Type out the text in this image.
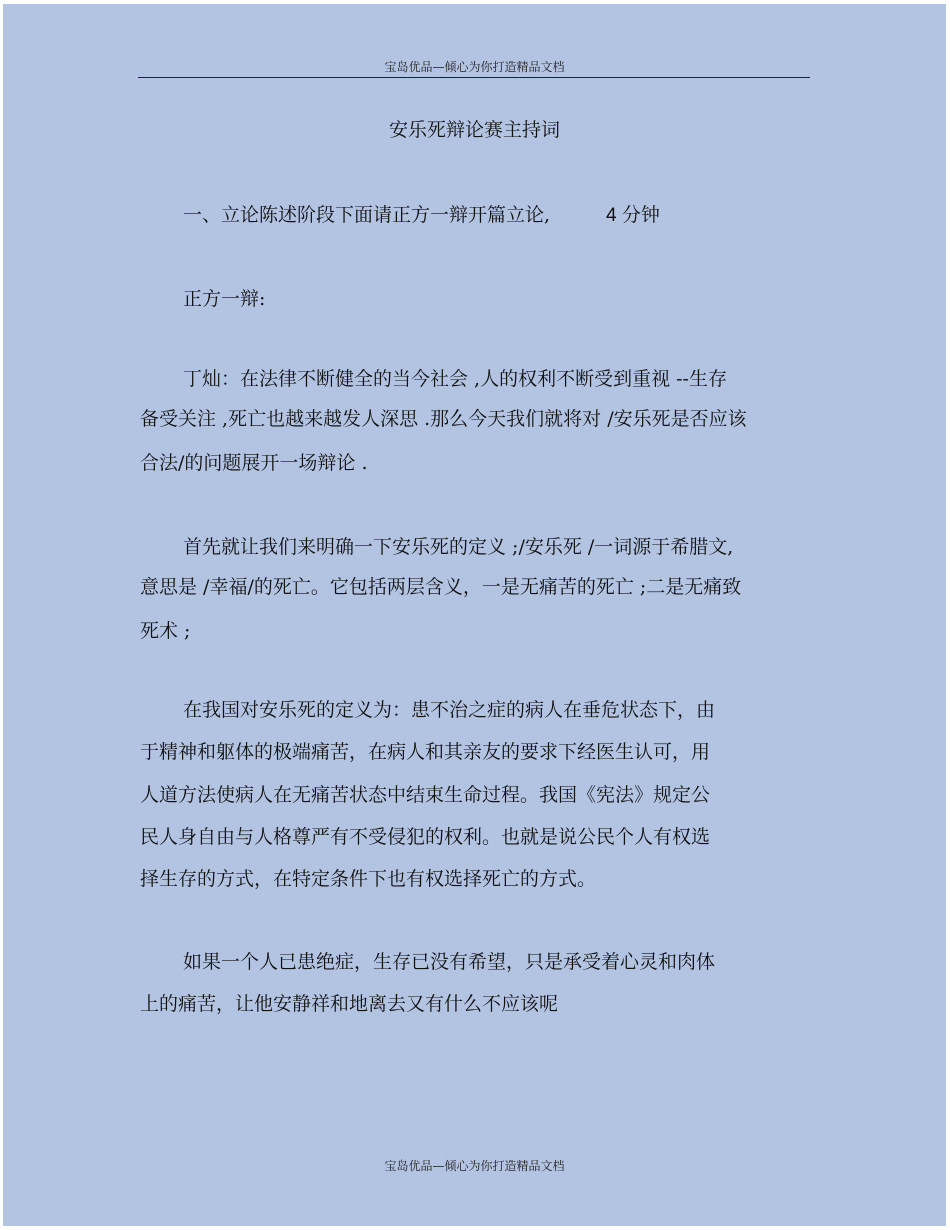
宝岛优品—倾心为你打造精品文档
安乐死辩论赛主持词
一、立论陈述阶段下面请正方一辩开篇立论,	4 分钟
正方一辩:
丁灿：在法律不断健全的当今社会 ,人的权利不断受到重视 --生存
备受关注 ,死亡也越来越发人深思 .那么今天我们就将对 /安乐死是否应该
合法/的问题展开一场辩论 .
首先就让我们来明确一下安乐死的定义 ;/安乐死 /一词源于希腊文,
意思是 /幸福/的死亡。它包括两层含义，一是无痛苦的死亡 ;二是无痛致
死术 ;
在我国对安乐死的定义为：患不治之症的病人在垂危状态下，由
于精神和躯体的极端痛苦，在病人和其亲友的要求下经医生认可，用
人道方法使病人在无痛苦状态中结束生命过程。我国《宪法》规定公
民人身自由与人格尊严有不受侵犯的权利。也就是说公民个人有权选
择生存的方式，在特定条件下也有权选择死亡的方式。
如果一个人已患绝症，生存已没有希望，只是承受着心灵和肉体
上的痛苦，让他安静祥和地离去又有什么不应该呢
宝岛优品—倾心为你打造精品文档
